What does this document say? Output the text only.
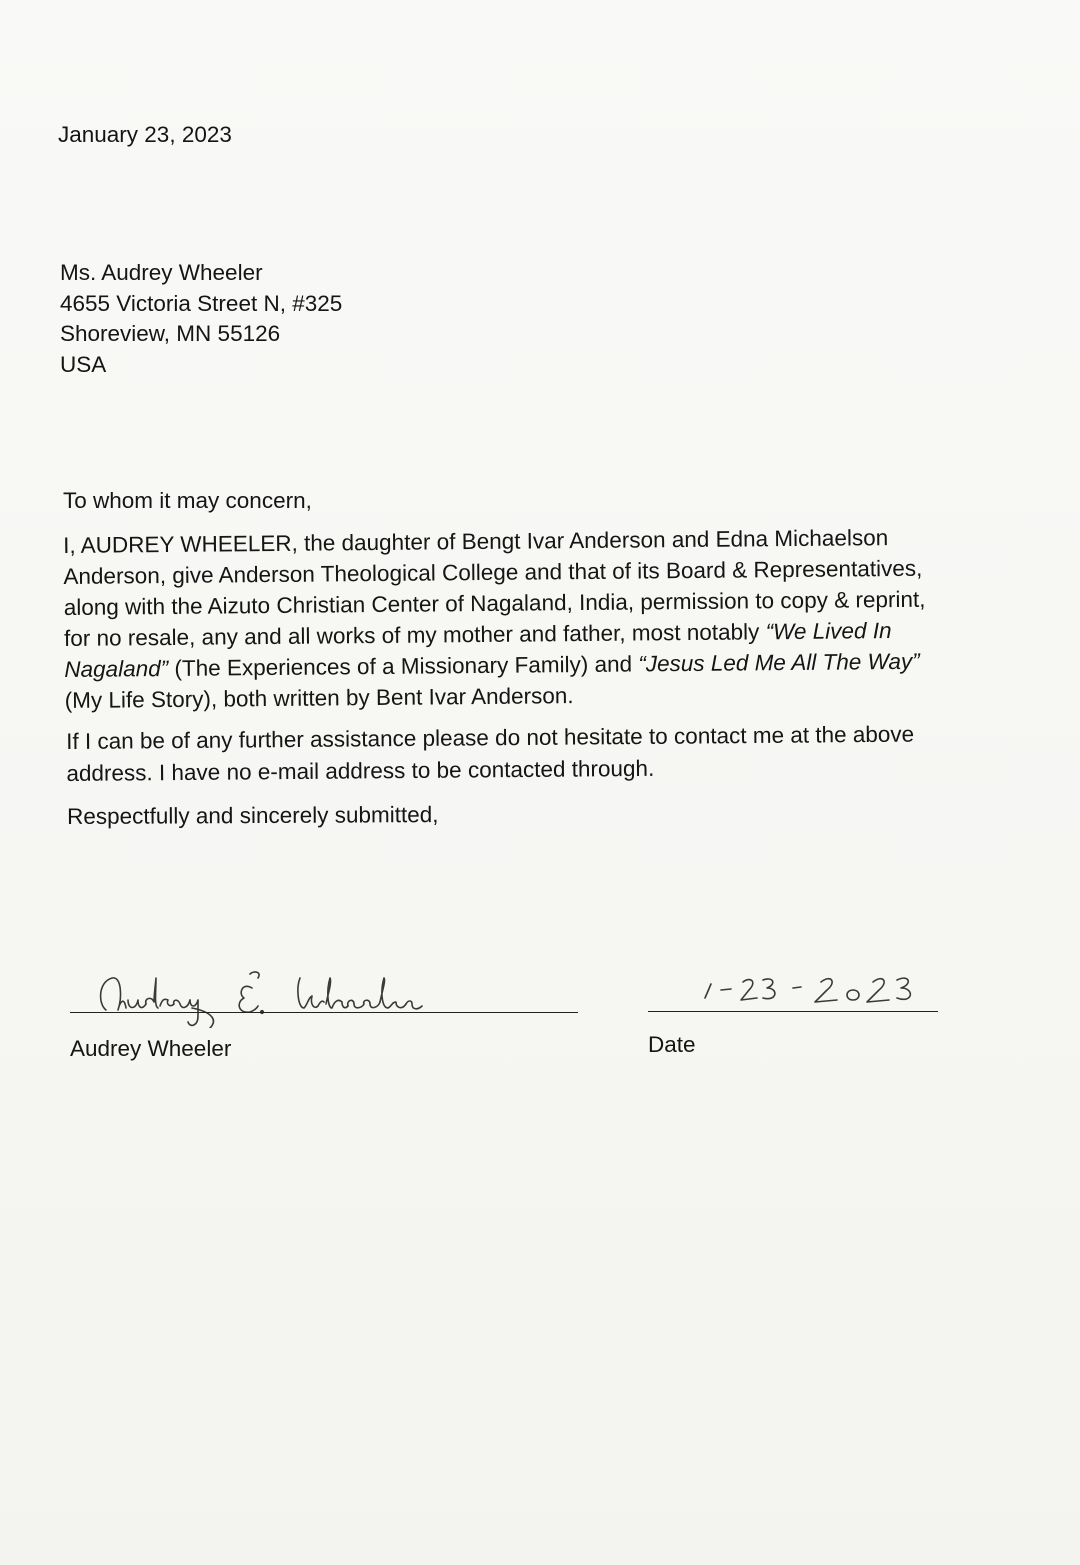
January 23, 2023
Ms. Audrey Wheeler
4655 Victoria Street N, #325
Shoreview, MN 55126
USA
To whom it may concern,
I, AUDREY WHEELER, the daughter of Bengt Ivar Anderson and Edna Michaelson
Anderson, give Anderson Theological College and that of its Board & Representatives,
along with the Aizuto Christian Center of Nagaland, India, permission to copy & reprint,
for no resale, any and all works of my mother and father, most notably “We Lived In
Nagaland” (The Experiences of a Missionary Family) and “Jesus Led Me All The Way”
(My Life Story), both written by Bent Ivar Anderson.
If I can be of any further assistance please do not hesitate to contact me at the above
address. I have no e-mail address to be contacted through.
Respectfully and sincerely submitted,
Audrey Wheeler	Date
